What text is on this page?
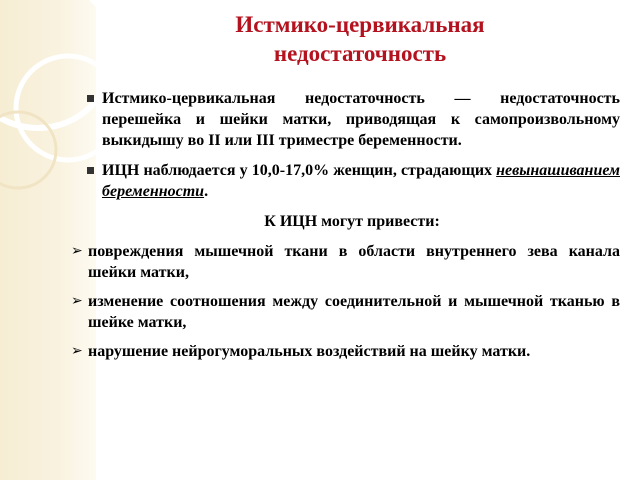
Истмико-цервикальная недостаточность
Истмико-цервикальная недостаточность — недостаточность перешейка и шейки матки, приводящая к самопроизвольному выкидышу во II или III триместре беременности.
ИЦН наблюдается у 10,0-17,0% женщин, страдающих невынашиванием беременности.
К ИЦН могут привести:
➢ повреждения мышечной ткани в области внутреннего зева канала шейки матки,
➢ изменение соотношения между соединительной и мышечной тканью в шейке матки,
➢ нарушение нейрогуморальных воздействий на шейку матки.
